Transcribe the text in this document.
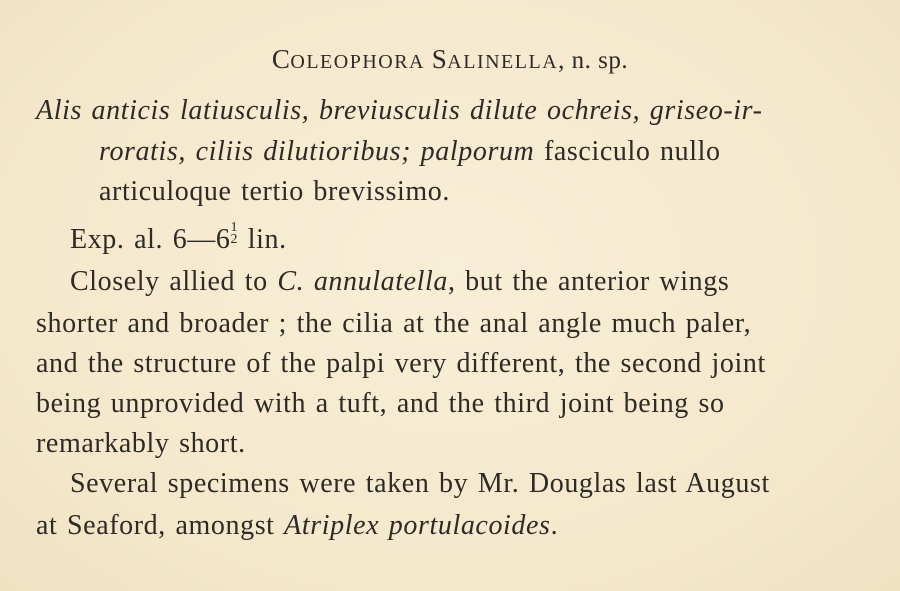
COLEOPHORA SALINELLA, n. sp.
Alis anticis latiusculis, breviusculis dilute ochreis, griseo-ir-
roratis, ciliis dilutioribus; palporum fasciculo nullo
articuloque tertio brevissimo.
Exp. al. 6—6 1
2 lin.
Closely allied to C. annulatella, but the anterior wings
shorter and broader ; the cilia at the anal angle much paler,
and the structure of the palpi very different, the second joint
being unprovided with a tuft, and the third joint being so
remarkably short.
Several specimens were taken by Mr. Douglas last August
at Seaford, amongst Atriplex portulacoides.
